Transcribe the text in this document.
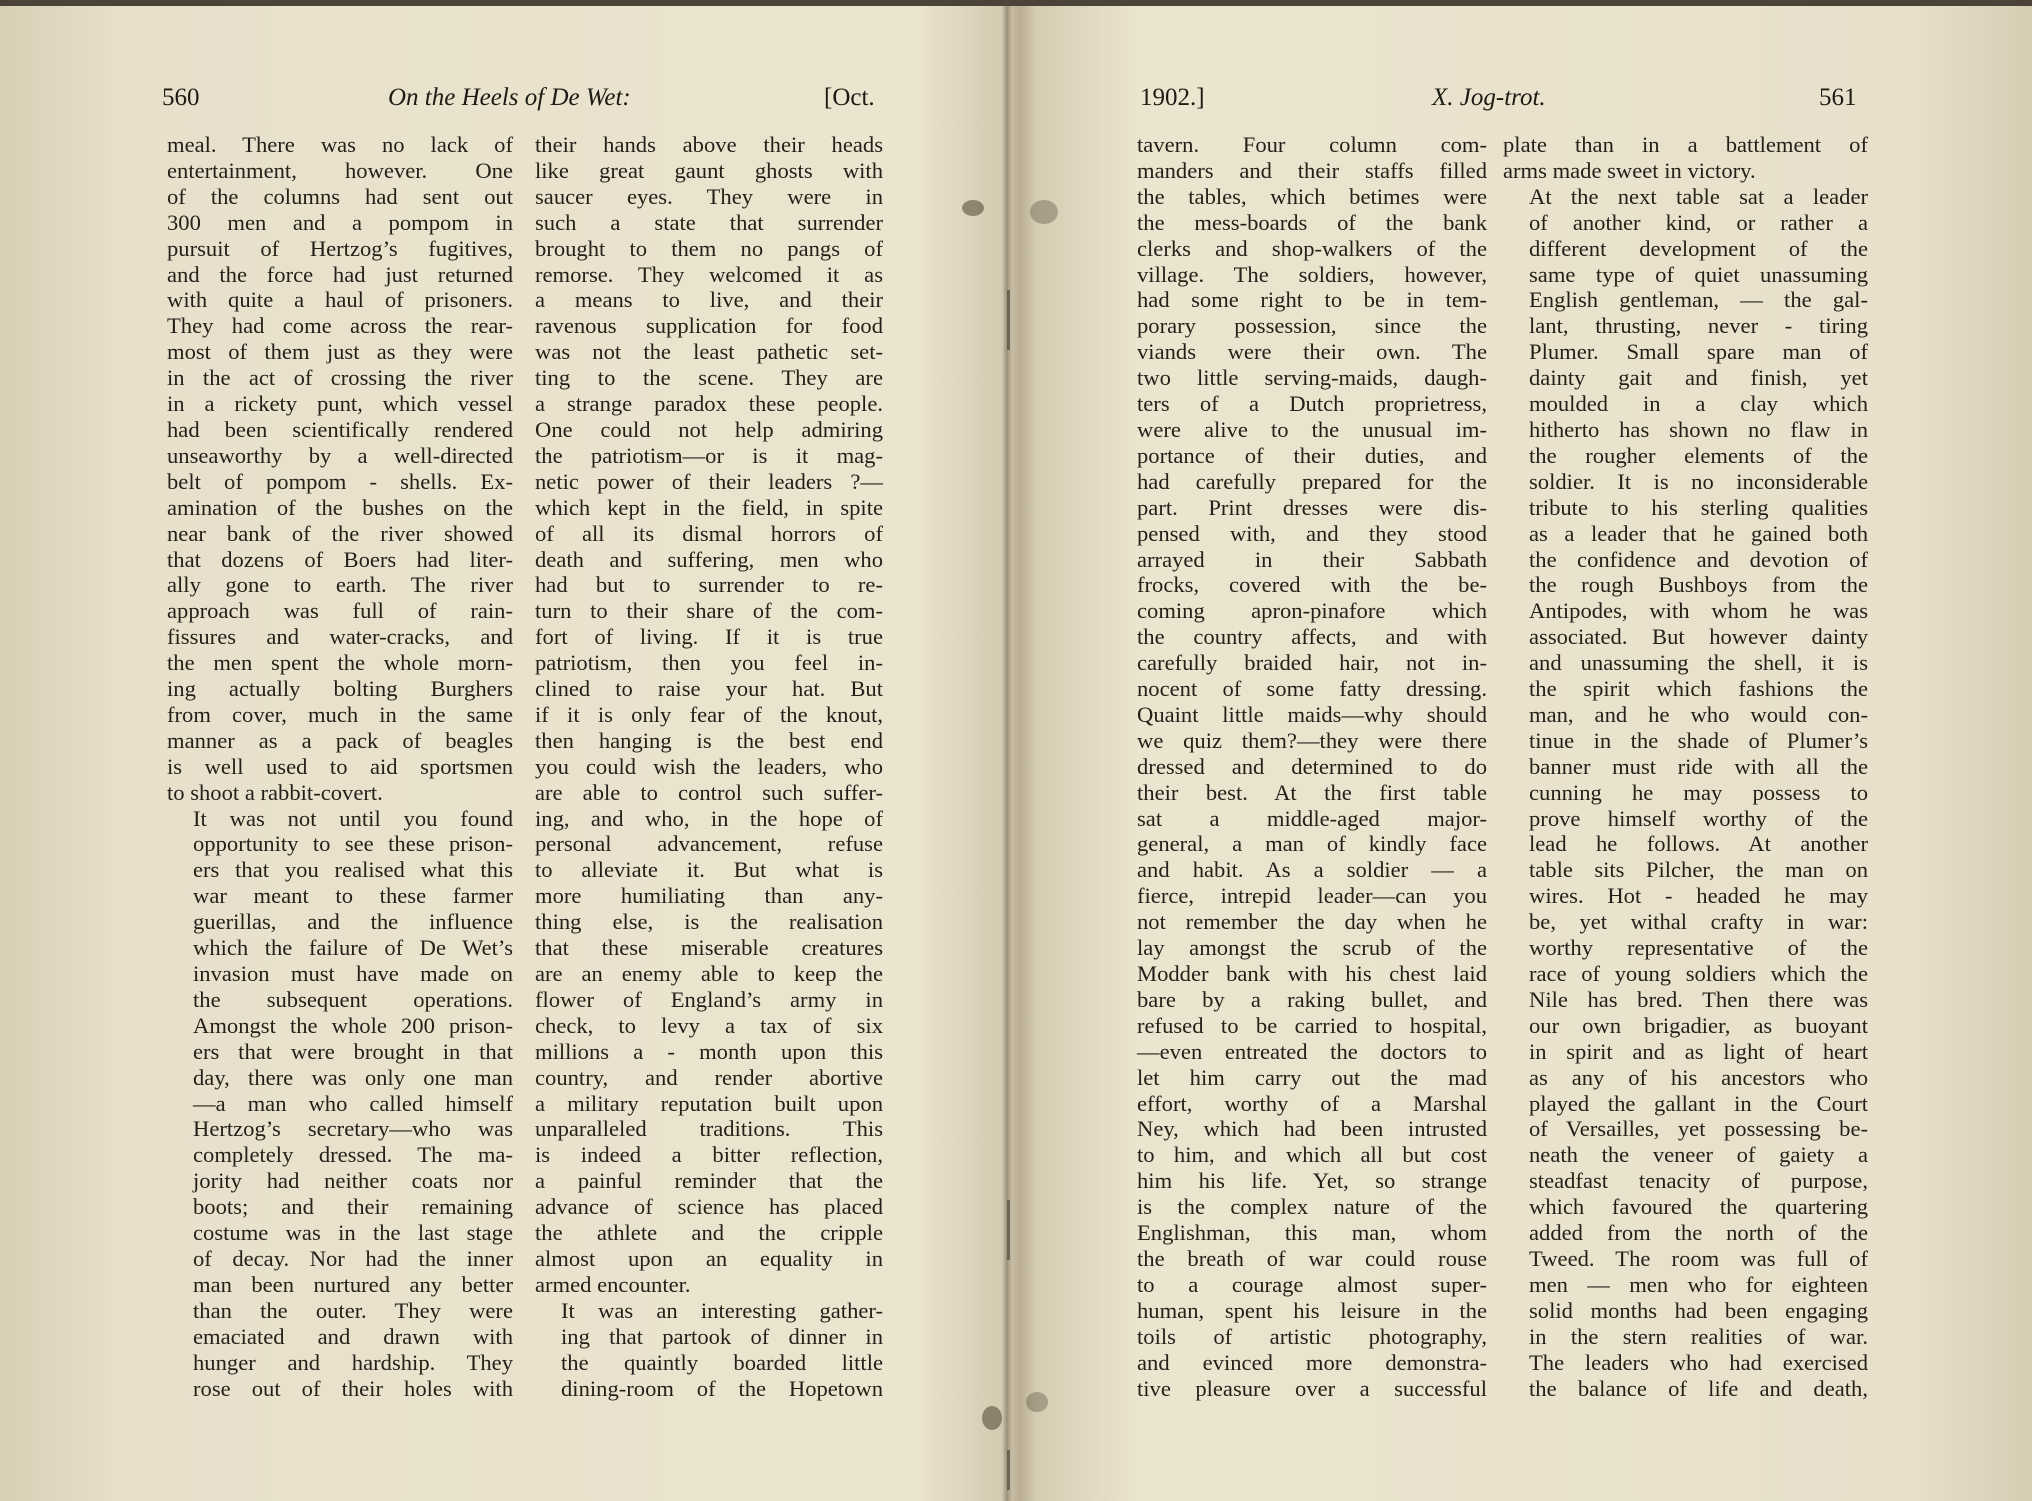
560	On the Heels of De Wet:	[Oct.

meal. There was no lack of
entertainment, however. One
of the columns had sent out
300 men and a pompom in
pursuit of Hertzog’s fugitives,
and the force had just returned
with quite a haul of prisoners.
They had come across the rear-
most of them just as they were
in the act of crossing the river
in a rickety punt, which vessel
had been scientifically rendered
unseaworthy by a well-directed
belt of pompom - shells. Ex-
amination of the bushes on the
near bank of the river showed
that dozens of Boers had liter-
ally gone to earth. The river
approach was full of rain-
fissures and water-cracks, and
the men spent the whole morn-
ing actually bolting Burghers
from cover, much in the same
manner as a pack of beagles
is well used to aid sportsmen
to shoot a rabbit-covert.

It was not until you found
opportunity to see these prison-
ers that you realised what this
war meant to these farmer
guerillas, and the influence
which the failure of De Wet’s
invasion must have made on
the subsequent operations.
Amongst the whole 200 prison-
ers that were brought in that
day, there was only one man
—a man who called himself
Hertzog’s secretary—who was
completely dressed. The ma-
jority had neither coats nor
boots; and their remaining
costume was in the last stage
of decay. Nor had the inner
man been nurtured any better
than the outer. They were
emaciated and drawn with
hunger and hardship. They
rose out of their holes with

their hands above their heads
like great gaunt ghosts with
saucer eyes. They were in
such a state that surrender
brought to them no pangs of
remorse. They welcomed it as
a means to live, and their
ravenous supplication for food
was not the least pathetic set-
ting to the scene. They are
a strange paradox these people.
One could not help admiring
the patriotism—or is it mag-
netic power of their leaders ?—
which kept in the field, in spite
of all its dismal horrors of
death and suffering, men who
had but to surrender to re-
turn to their share of the com-
fort of living. If it is true
patriotism, then you feel in-
clined to raise your hat. But
if it is only fear of the knout,
then hanging is the best end
you could wish the leaders, who
are able to control such suffer-
ing, and who, in the hope of
personal advancement, refuse
to alleviate it. But what is
more humiliating than any-
thing else, is the realisation
that these miserable creatures
are an enemy able to keep the
flower of England’s army in
check, to levy a tax of six
millions a - month upon this
country, and render abortive
a military reputation built upon
unparalleled traditions. This
is indeed a bitter reflection,
a painful reminder that the
advance of science has placed
the athlete and the cripple
almost upon an equality in
armed encounter.

It was an interesting gather-
ing that partook of dinner in
the quaintly boarded little
dining-room of the Hopetown

1902.]	X. Jog-trot.	561

tavern. Four column com-
manders and their staffs filled
the tables, which betimes were
the mess-boards of the bank
clerks and shop-walkers of the
village. The soldiers, however,
had some right to be in tem-
porary possession, since the
viands were their own. The
two little serving-maids, daugh-
ters of a Dutch proprietress,
were alive to the unusual im-
portance of their duties, and
had carefully prepared for the
part. Print dresses were dis-
pensed with, and they stood
arrayed in their Sabbath
frocks, covered with the be-
coming apron-pinafore which
the country affects, and with
carefully braided hair, not in-
nocent of some fatty dressing.
Quaint little maids—why should
we quiz them?—they were there
dressed and determined to do
their best. At the first table
sat a middle-aged major-
general, a man of kindly face
and habit. As a soldier — a
fierce, intrepid leader—can you
not remember the day when he
lay amongst the scrub of the
Modder bank with his chest laid
bare by a raking bullet, and
refused to be carried to hospital,
—even entreated the doctors to
let him carry out the mad
effort, worthy of a Marshal
Ney, which had been intrusted
to him, and which all but cost
him his life. Yet, so strange
is the complex nature of the
Englishman, this man, whom
the breath of war could rouse
to a courage almost super-
human, spent his leisure in the
toils of artistic photography,
and evinced more demonstra-
tive pleasure over a successful

plate than in a battlement of
arms made sweet in victory.

At the next table sat a leader
of another kind, or rather a
different development of the
same type of quiet unassuming
English gentleman, — the gal-
lant, thrusting, never - tiring
Plumer. Small spare man of
dainty gait and finish, yet
moulded in a clay which
hitherto has shown no flaw in
the rougher elements of the
soldier. It is no inconsiderable
tribute to his sterling qualities
as a leader that he gained both
the confidence and devotion of
the rough Bushboys from the
Antipodes, with whom he was
associated. But however dainty
and unassuming the shell, it is
the spirit which fashions the
man, and he who would con-
tinue in the shade of Plumer’s
banner must ride with all the
cunning he may possess to
prove himself worthy of the
lead he follows. At another
table sits Pilcher, the man on
wires. Hot - headed he may
be, yet withal crafty in war:
worthy representative of the
race of young soldiers which the
Nile has bred. Then there was
our own brigadier, as buoyant
in spirit and as light of heart
as any of his ancestors who
played the gallant in the Court
of Versailles, yet possessing be-
neath the veneer of gaiety a
steadfast tenacity of purpose,
which favoured the quartering
added from the north of the
Tweed. The room was full of
men — men who for eighteen
solid months had been engaging
in the stern realities of war.
The leaders who had exercised
the balance of life and death,
